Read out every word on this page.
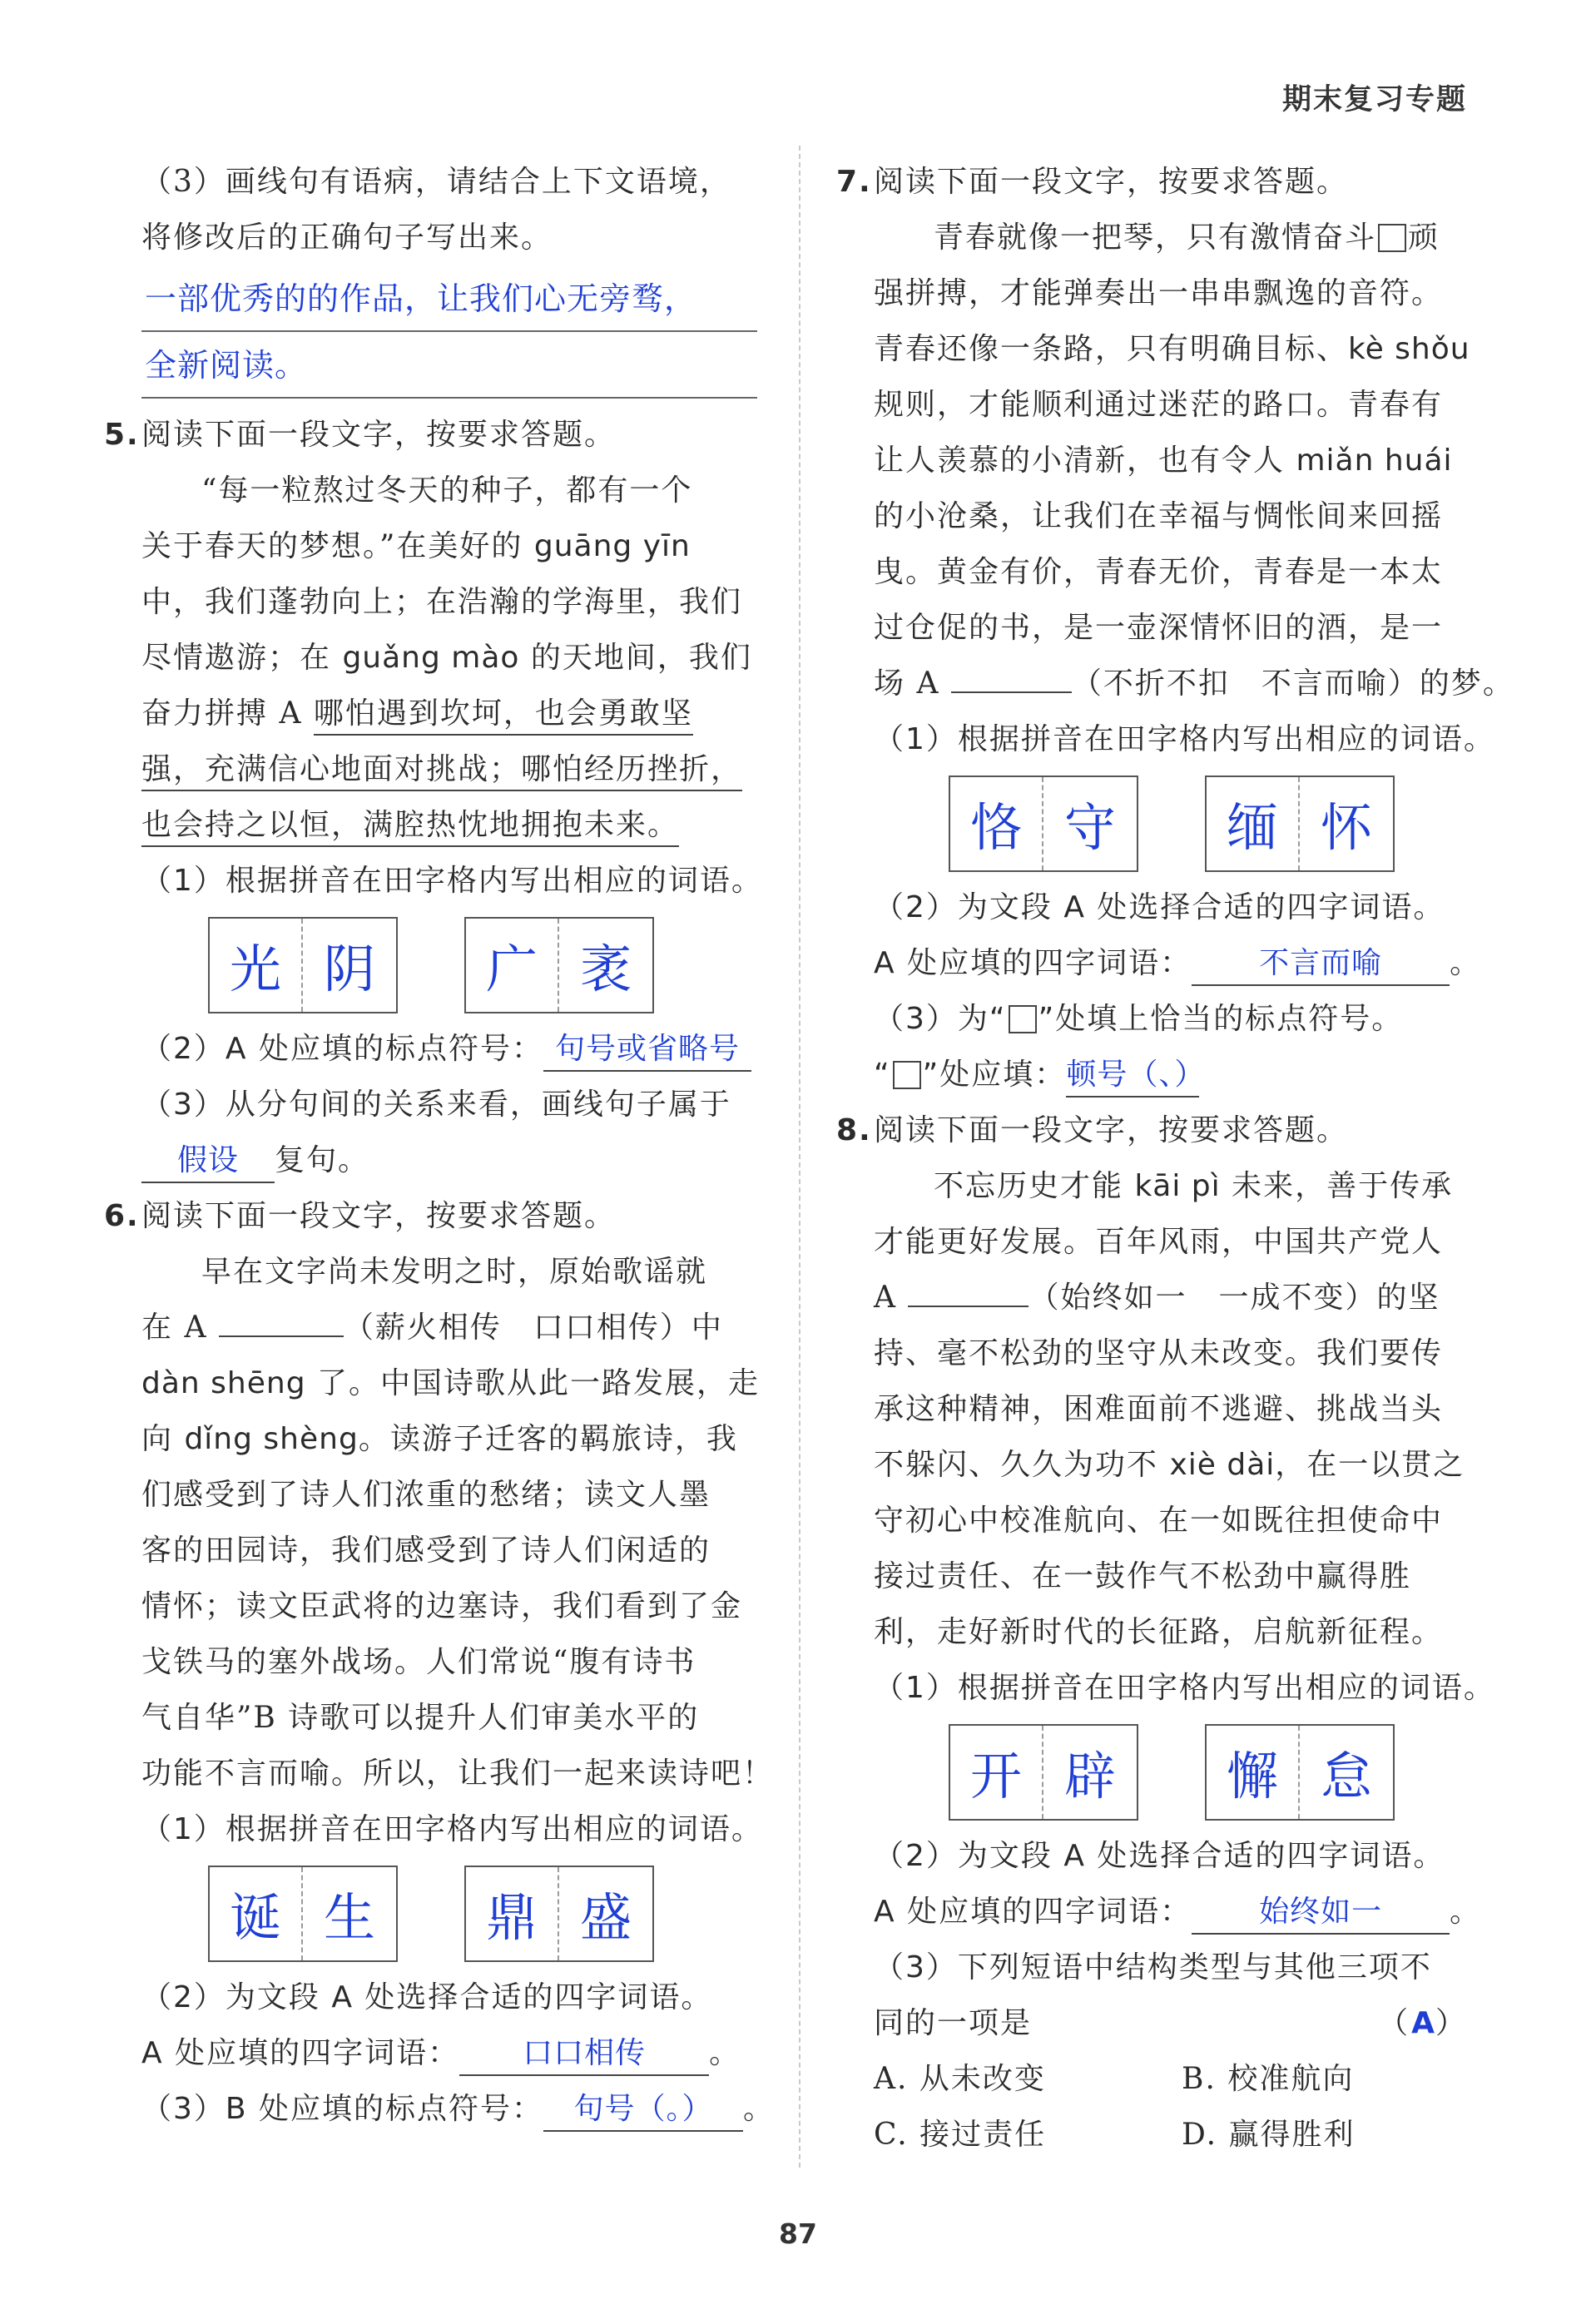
期末复习专题
（3）画线句有语病，请结合上下文语境，
将修改后的正确句子写出来。
一部优秀的的作品，让我们心无旁骛，
全新阅读。
5.阅读下面一段文字，按要求答题。
“每一粒熬过冬天的种子，都有一个
关于春天的梦想。”在美好的 guāng yīn
中，我们蓬勃向上；在浩瀚的学海里，我们
尽情遨游；在 guǎng mào 的天地间，我们
奋力拼搏 A 哪怕遇到坎坷，也会勇敢坚
强，充满信心地面对挑战；哪怕经历挫折，
也会持之以恒，满腔热忱地拥抱未来。
（1）根据拼音在田字格内写出相应的词语。
光 阴	广 袤
（2）A 处应填的标点符号： 句号或省略号
（3）从分句间的关系来看，画线句子属于
假设 复句。
6.阅读下面一段文字，按要求答题。
早在文字尚未发明之时，原始歌谣就
在 A	（薪火相传　口口相传）中
dàn shēng 了。中国诗歌从此一路发展，走
向 dǐng shèng。读游子迁客的羁旅诗，我
们感受到了诗人们浓重的愁绪；读文人墨
客的田园诗，我们感受到了诗人们闲适的
情怀；读文臣武将的边塞诗，我们看到了金
戈铁马的塞外战场。人们常说“腹有诗书
气自华”B 诗歌可以提升人们审美水平的
功能不言而喻。所以，让我们一起来读诗吧！
（1）根据拼音在田字格内写出相应的词语。
诞 生	鼎 盛
（2）为文段 A 处选择合适的四字词语。
A 处应填的四字词语： 口口相传 。
（3）B 处应填的标点符号： 句号（。） 。
7.阅读下面一段文字，按要求答题。
青春就像一把琴，只有激情奋斗 顽
强拼搏，才能弹奏出一串串飘逸的音符。
青春还像一条路，只有明确目标、kè shǒu
规则，才能顺利通过迷茫的路口。青春有
让人羡慕的小清新，也有令人 miǎn huái
的小沧桑，让我们在幸福与惆怅间来回摇
曳。黄金有价，青春无价，青春是一本太
过仓促的书，是一壶深情怀旧的酒，是一
场 A	（不折不扣　不言而喻）的梦。
（1）根据拼音在田字格内写出相应的词语。
恪 守	缅 怀
（2）为文段 A 处选择合适的四字词语。
A 处应填的四字词语： 不言而喻 。
（3）为“ ”处填上恰当的标点符号。
“ ”处应填：顿号（、）
8.阅读下面一段文字，按要求答题。
不忘历史才能 kāi pì 未来，善于传承
才能更好发展。百年风雨，中国共产党人
A	（始终如一　一成不变）的坚
持、毫不松劲的坚守从未改变。我们要传
承这种精神，困难面前不逃避、挑战当头
不躲闪、久久为功不 xiè dài，在一以贯之
守初心中校准航向、在一如既往担使命中
接过责任、在一鼓作气不松劲中赢得胜
利，走好新时代的长征路，启航新征程。
（1）根据拼音在田字格内写出相应的词语。
开 辟	懈 怠
（2）为文段 A 处选择合适的四字词语。
A 处应填的四字词语： 始终如一 。
（3）下列短语中结构类型与其他三项不
同的一项是	（A）
A. 从未改变	B. 校准航向
C. 接过责任	D. 赢得胜利
87
